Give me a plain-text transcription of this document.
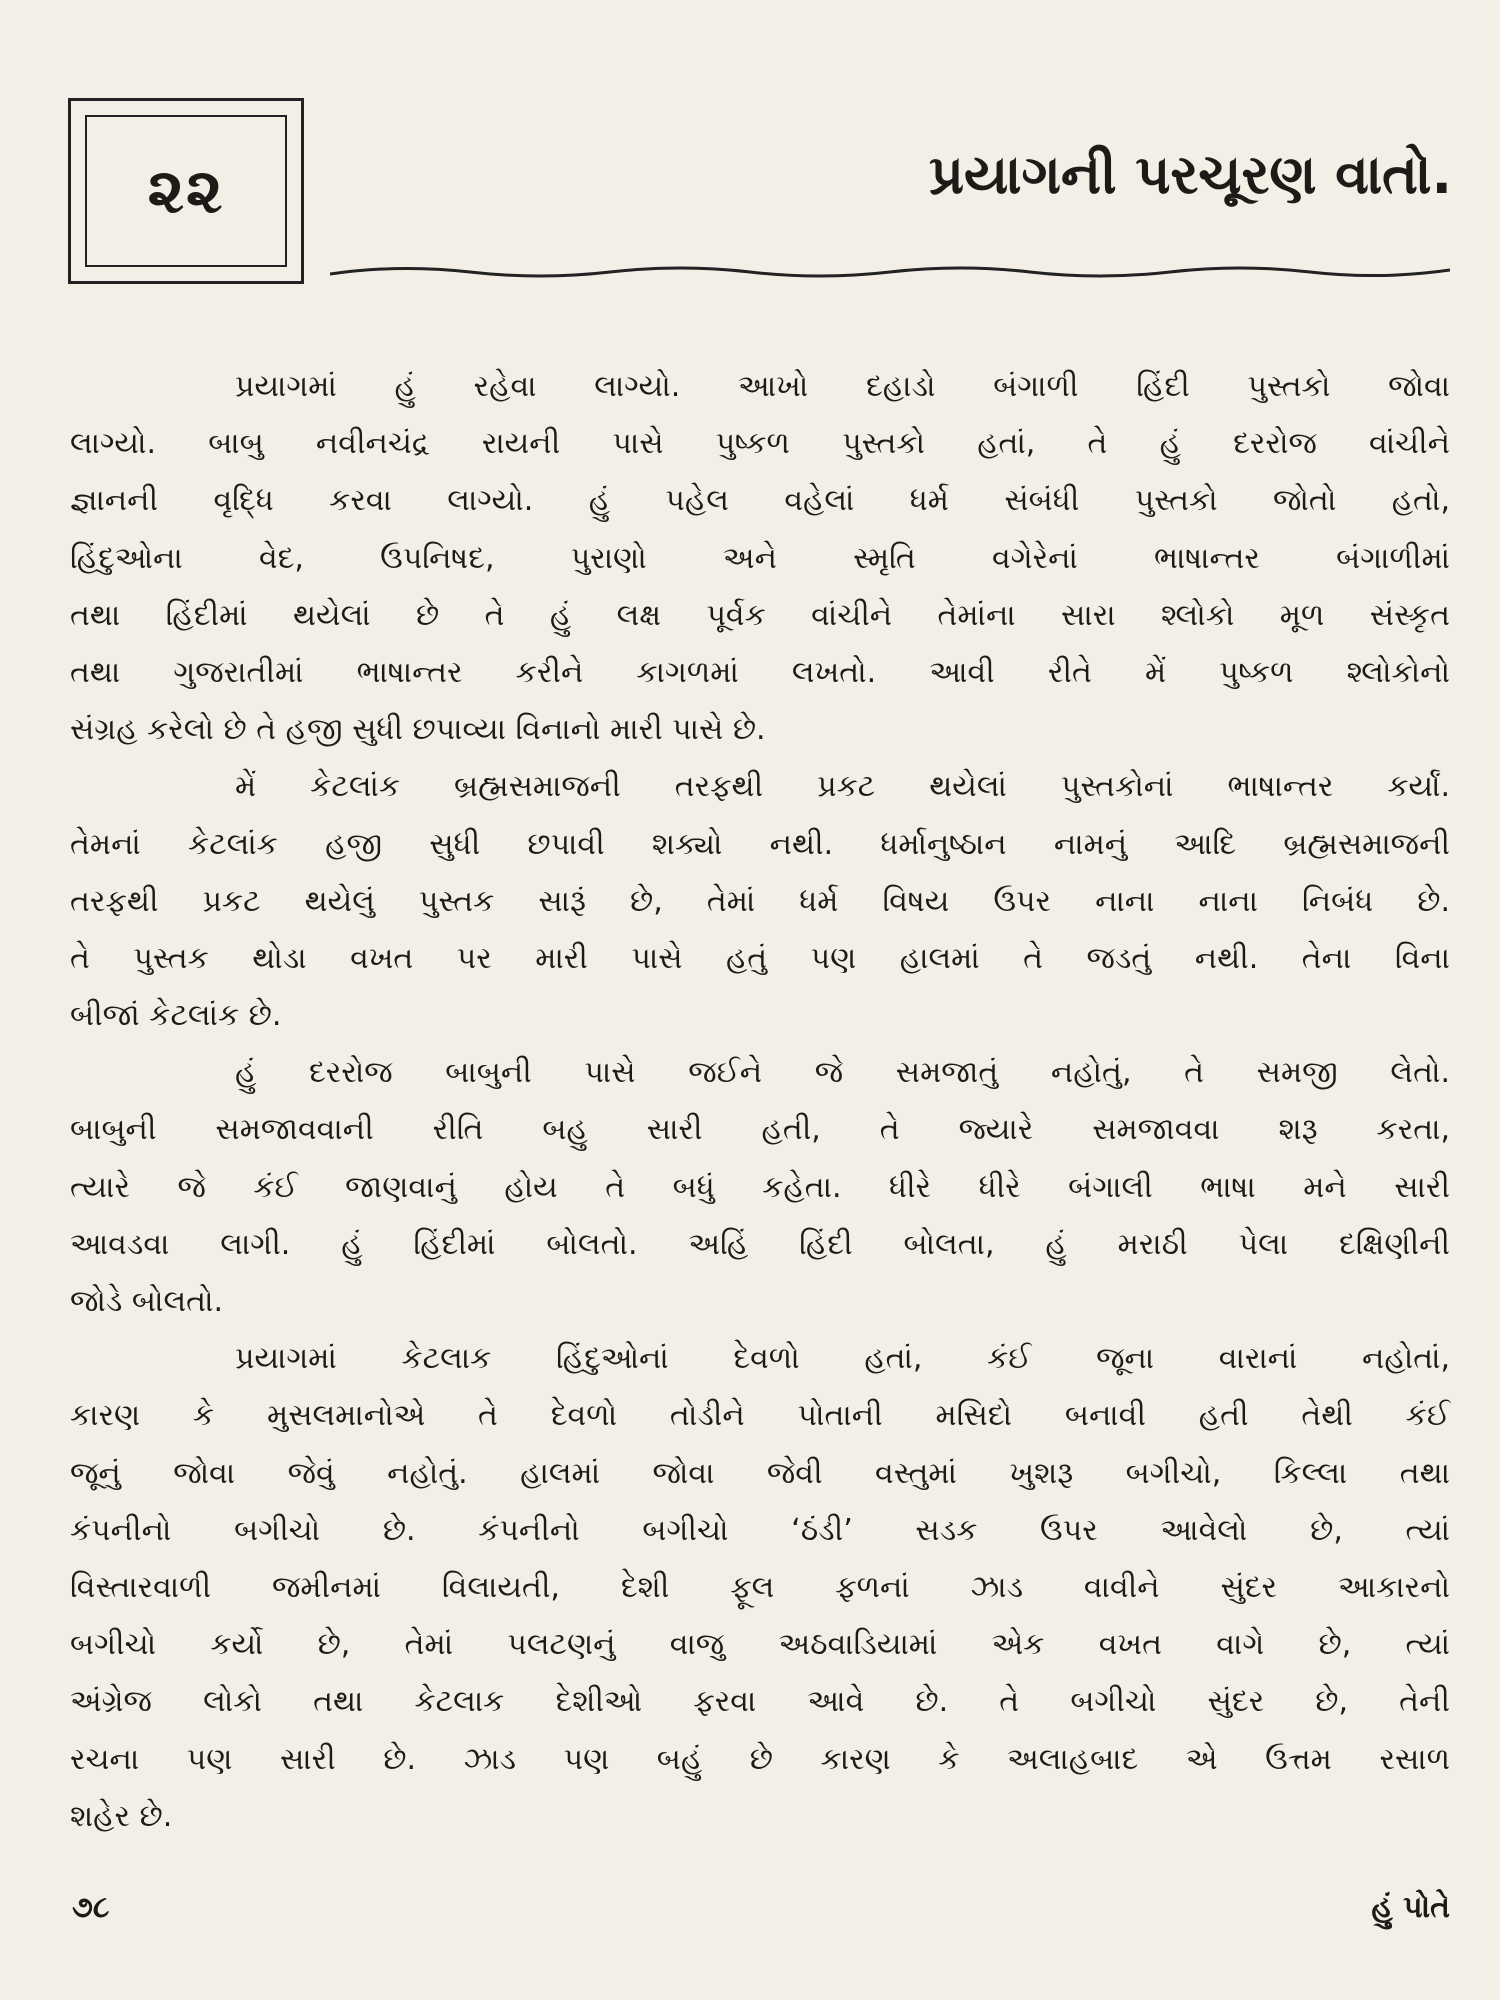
૨૨	પ્રયાગની પરચૂરણ વાતો.

પ્રયાગમાં હું રહેવા લાગ્યો. આખો દહાડો બંગાળી હિંદી પુસ્તકો જોવા
લાગ્યો. બાબુ નવીનચંદ્ર રાયની પાસે પુષ્કળ પુસ્તકો હતાં, તે હું દરરોજ વાંચીને
જ્ઞાનની વૃદ્ધિ કરવા લાગ્યો. હું પહેલ વહેલાં ધર્મ સંબંધી પુસ્તકો જોતો હતો,
હિંદુઓના વેદ, ઉપનિષદ, પુરાણો અને સ્મૃતિ વગેરેનાં ભાષાન્તર બંગાળીમાં
તથા હિંદીમાં થયેલાં છે તે હું લક્ષ પૂર્વક વાંચીને તેમાંના સારા શ્લોકો મૂળ સંસ્કૃત
તથા ગુજરાતીમાં ભાષાન્તર કરીને કાગળમાં લખતો. આવી રીતે મેં પુષ્કળ શ્લોકોનો
સંગ્રહ કરેલો છે તે હજી સુધી છપાવ્યા વિનાનો મારી પાસે છે.

મેં કેટલાંક બ્રહ્મસમાજની તરફથી પ્રકટ થયેલાં પુસ્તકોનાં ભાષાન્તર કર્યાં.
તેમનાં કેટલાંક હજી સુધી છપાવી શક્યો નથી. ધર્માનુષ્ઠાન નામનું આદિ બ્રહ્મસમાજની
તરફથી પ્રકટ થયેલું પુસ્તક સારૂં છે, તેમાં ધર્મ વિષય ઉપર નાના નાના નિબંધ છે.
તે પુસ્તક થોડા વખત પર મારી પાસે હતું પણ હાલમાં તે જડતું નથી. તેના વિના
બીજાં કેટલાંક છે.

હું દરરોજ બાબુની પાસે જઈને જે સમજાતું નહોતું, તે સમજી લેતો.
બાબુની સમજાવવાની રીતિ બહુ સારી હતી, તે જ્યારે સમજાવવા શરૂ કરતા,
ત્યારે જે કંઈ જાણવાનું હોય તે બધું કહેતા. ધીરે ધીરે બંગાલી ભાષા મને સારી
આવડવા લાગી. હું હિંદીમાં બોલતો. અહિં હિંદી બોલતા, હું મરાઠી પેલા દક્ષિણીની
જોડે બોલતો.

પ્રયાગમાં કેટલાક હિંદુઓનાં દેવળો હતાં, કંઈ જૂના વારાનાં નહોતાં,
કારણ કે મુસલમાનોએ તે દેવળો તોડીને પોતાની મસિદો બનાવી હતી તેથી કંઈ
જૂનું જોવા જેવું નહોતું. હાલમાં જોવા જેવી વસ્તુમાં ખુશરૂ બગીચો, કિલ્લા તથા
કંપનીનો બગીચો છે. કંપનીનો બગીચો ‘ઠંડી’ સડક ઉપર આવેલો છે, ત્યાં
વિસ્તારવાળી જમીનમાં વિલાયતી, દેશી ફૂલ ફળનાં ઝાડ વાવીને સુંદર આકારનો
બગીચો કર્યો છે, તેમાં પલટણનું વાજુ અઠવાડિયામાં એક વખત વાગે છે, ત્યાં
અંગ્રેજ લોકો તથા કેટલાક દેશીઓ ફરવા આવે છે. તે બગીચો સુંદર છે, તેની
રચના પણ સારી છે. ઝાડ પણ બહું છે કારણ કે અલાહબાદ એ ઉત્તમ રસાળ
શહેર છે.

૭૮	હું પોતે
